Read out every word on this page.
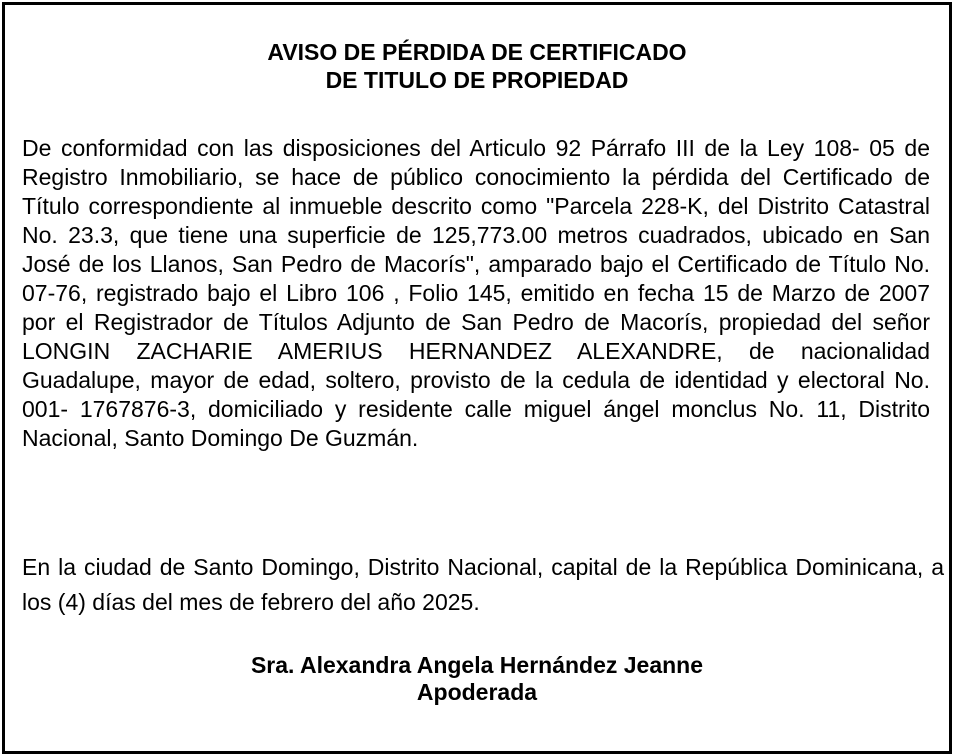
AVISO DE PÉRDIDA DE CERTIFICADO
DE TITULO DE PROPIEDAD

De conformidad con las disposiciones del Articulo 92 Párrafo III de la Ley 108- 05 de Registro Inmobiliario, se hace de público conocimiento la pérdida del Certificado de Título correspondiente al inmueble descrito como "Parcela 228-K, del Distrito Catastral No. 23.3, que tiene una superficie de 125,773.00 metros cuadrados, ubicado en San José de los Llanos, San Pedro de Macorís", amparado bajo el Certificado de Título No. 07-76, registrado bajo el Libro 106 , Folio 145, emitido en fecha 15 de Marzo de 2007 por el Registrador de Títulos Adjunto de San Pedro de Macorís, propiedad del señor LONGIN ZACHARIE AMERIUS HERNANDEZ ALEXANDRE, de nacionalidad Guadalupe, mayor de edad, soltero, provisto de la cedula de identidad y electoral No. 001- 1767876-3, domiciliado y residente calle miguel ángel monclus No. 11, Distrito Nacional, Santo Domingo De Guzmán.

En la ciudad de Santo Domingo, Distrito Nacional, capital de la República Dominicana, a los (4) días del mes de febrero del año 2025.

Sra. Alexandra Angela Hernández Jeanne
Apoderada
